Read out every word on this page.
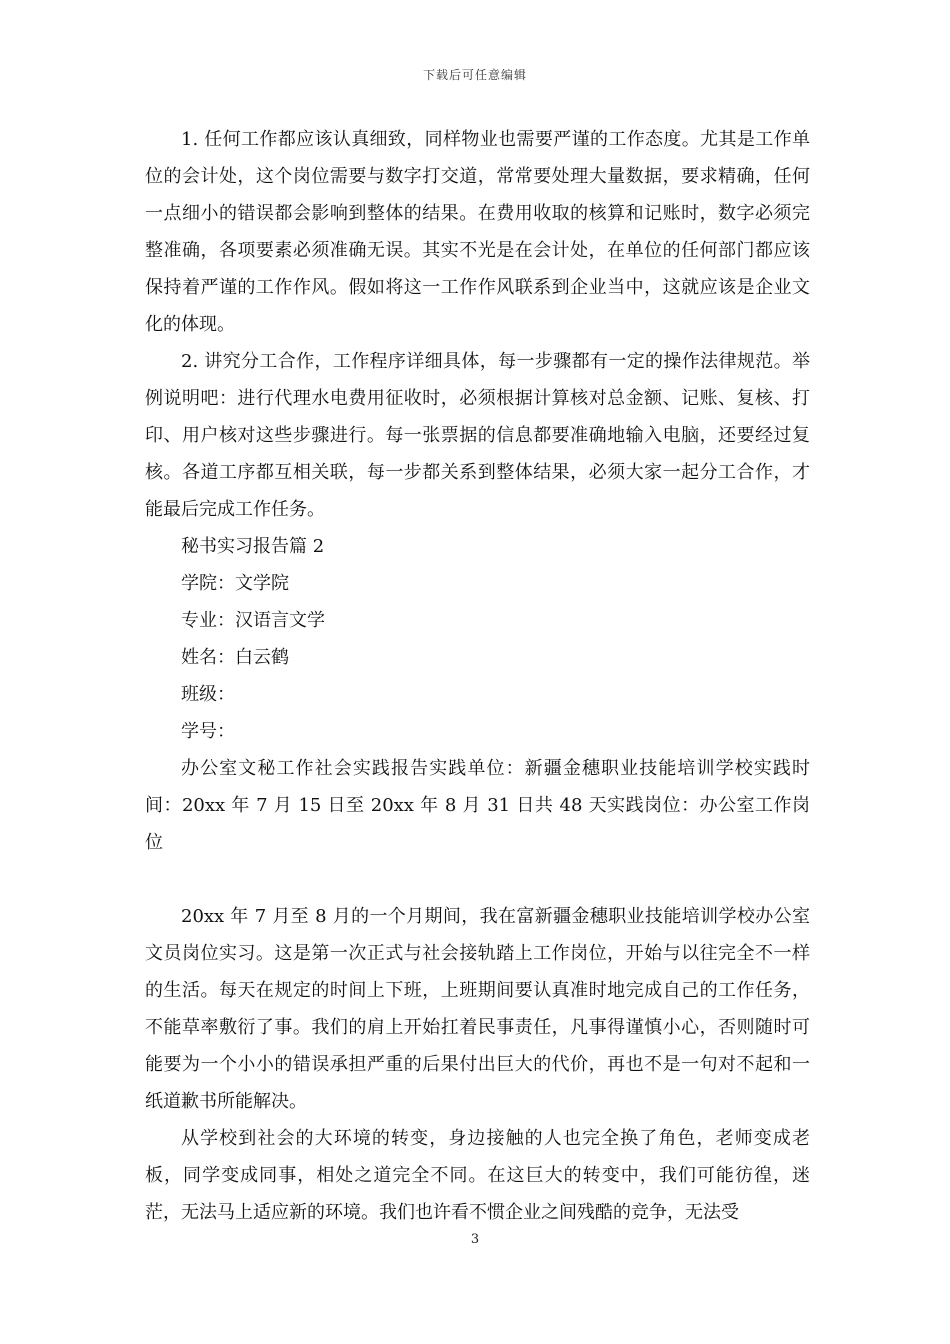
下载后可任意编辑

1. 任何工作都应该认真细致，同样物业也需要严谨的工作态度。尤其是工作单位的会计处，这个岗位需要与数字打交道，常常要处理大量数据，要求精确，任何一点细小的错误都会影响到整体的结果。在费用收取的核算和记账时，数字必须完整准确，各项要素必须准确无误。其实不光是在会计处，在单位的任何部门都应该保持着严谨的工作作风。假如将这一工作作风联系到企业当中，这就应该是企业文化的体现。

2. 讲究分工合作，工作程序详细具体，每一步骤都有一定的操作法律规范。举例说明吧：进行代理水电费用征收时，必须根据计算核对总金额、记账、复核、打印、用户核对这些步骤进行。每一张票据的信息都要准确地输入电脑，还要经过复核。各道工序都互相关联，每一步都关系到整体结果，必须大家一起分工合作，才能最后完成工作任务。

秘书实习报告篇 2

学院：文学院

专业：汉语言文学

姓名：白云鹤

班级：

学号：

办公室文秘工作社会实践报告实践单位：新疆金穗职业技能培训学校实践时间：20xx 年 7 月 15 日至 20xx 年 8 月 31 日共 48 天实践岗位：办公室工作岗位

20xx 年 7 月至 8 月的一个月期间，我在富新疆金穗职业技能培训学校办公室文员岗位实习。这是第一次正式与社会接轨踏上工作岗位，开始与以往完全不一样的生活。每天在规定的时间上下班，上班期间要认真准时地完成自己的工作任务，不能草率敷衍了事。我们的肩上开始扛着民事责任，凡事得谨慎小心，否则随时可能要为一个小小的错误承担严重的后果付出巨大的代价，再也不是一句对不起和一纸道歉书所能解决。

从学校到社会的大环境的转变，身边接触的人也完全换了角色，老师变成老板，同学变成同事，相处之道完全不同。在这巨大的转变中，我们可能彷徨，迷茫，无法马上适应新的环境。我们也许看不惯企业之间残酷的竞争，无法受

3
